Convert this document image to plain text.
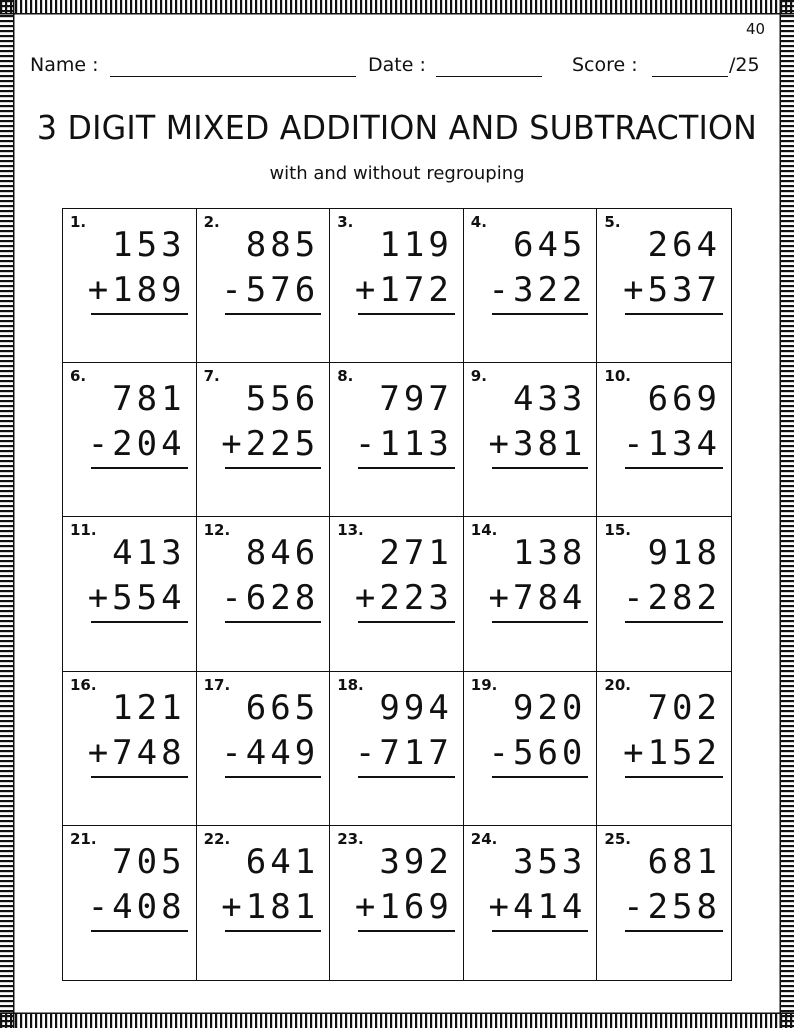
40
Name :	Date :	Score :	/25
3 DIGIT MIXED ADDITION AND SUBTRACTION
with and without regrouping
1.
153
+189
2.
885
-576
3.
119
+172
4.
645
-322
5.
264
+537
6.
781
-204
7.
556
+225
8.
797
-113
9.
433
+381
10.
669
-134
11.
413
+554
12.
846
-628
13.
271
+223
14.
138
+784
15.
918
-282
16.
121
+748
17.
665
-449
18.
994
-717
19.
920
-560
20.
702
+152
21.
705
-408
22.
641
+181
23.
392
+169
24.
353
+414
25.
681
-258
